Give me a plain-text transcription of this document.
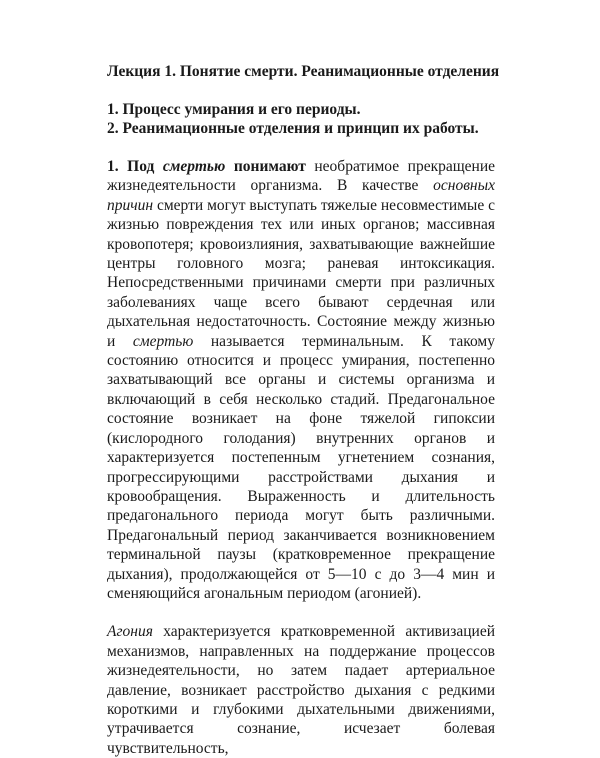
Лекция 1. Понятие смерти. Реанимационные отделения

1. Процесс умирания и его периоды.

2. Реанимационные отделения и принцип их работы.

1. Под смертью понимают необратимое прекращение жизнедеятельности организма. В качестве основных причин смерти могут выступать тяжелые несовместимые с жизнью повреждения тех или иных органов; массивная кровопотеря; кровоизлияния, захватывающие важнейшие центры головного мозга; раневая интоксикация. Непосредственными причинами смерти при различных заболеваниях чаще всего бывают сердечная или дыхательная недостаточность. Состояние между жизнью и смертью называется терминальным. К такому состоянию относится и процесс умирания, постепенно захватывающий все органы и системы организма и включающий в себя несколько стадий. Предагональное состояние возникает на фоне тяжелой гипоксии (кислородного голодания) внутренних органов и характеризуется постепенным угнетением сознания, прогрессирующими расстройствами дыхания и кровообращения. Выраженность и длительность предагонального периода могут быть различными. Предагональный период заканчивается возникновением терминальной паузы (кратковременное прекращение дыхания), продолжающейся от 5—10 с до 3—4 мин и сменяющийся агональным периодом (агонией).

Агония характеризуется кратковременной активизацией механизмов, направленных на поддержание процессов жизнедеятельности, но затем падает артериальное давление, возникает расстройство дыхания с редкими короткими и глубокими дыхательными движениями, утрачивается сознание, исчезает болевая чувствительность,
